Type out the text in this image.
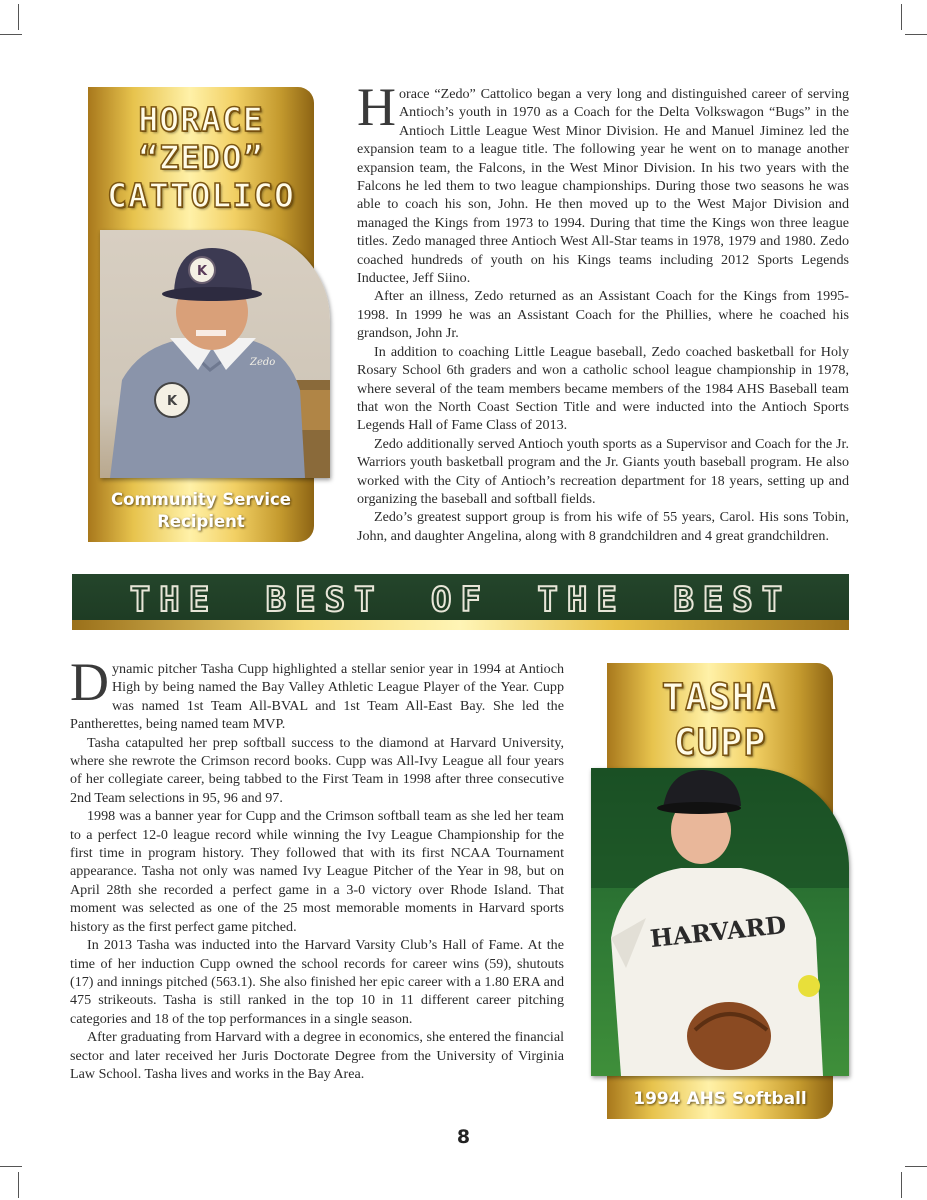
HORACE
“ZEDO”
CATTOLICO
Community Service
Recipient
K
K
Zedo

Horace “Zedo” Cattolico began a very long and distinguished career of serving Antioch’s youth in 1970 as a Coach for the Delta Volkswagon “Bugs” in the Antioch Little League West Minor Division. He and Manuel Jiminez led the expansion team to a league title. The following year he went on to manage another expansion team, the Falcons, in the West Minor Division. In his two years with the Falcons he led them to two league championships. During those two seasons he was able to coach his son, John. He then moved up to the West Major Division and managed the Kings from 1973 to 1994. During that time the Kings won three league titles. Zedo managed three Antioch West All-Star teams in 1978, 1979 and 1980. Zedo coached hundreds of youth on his Kings teams including 2012 Sports Legends Inductee, Jeff Siino.

After an illness, Zedo returned as an Assistant Coach for the Kings from 1995-1998. In 1999 he was an Assistant Coach for the Phillies, where he coached his grandson, John Jr.

In addition to coaching Little League baseball, Zedo coached basketball for Holy Rosary School 6th graders and won a catholic school league championship in 1978, where several of the team members became members of the 1984 AHS Baseball team that won the North Coast Section Title and were inducted into the Antioch Sports Legends Hall of Fame Class of 2013.

Zedo additionally served Antioch youth sports as a Supervisor and Coach for the Jr. Warriors youth basketball program and the Jr. Giants youth baseball program. He also worked with the City of Antioch’s recreation department for 18 years, setting up and organizing the baseball and softball fields.

Zedo’s greatest support group is from his wife of 55 years, Carol. His sons Tobin, John, and daughter Angelina, along with 8 grandchildren and 4 great grandchildren.

THE BEST OF THE BEST

Dynamic pitcher Tasha Cupp highlighted a stellar senior year in 1994 at Antioch High by being named the Bay Valley Athletic League Player of the Year. Cupp was named 1st Team All-BVAL and 1st Team All-East Bay. She led the Pantherettes, being named team MVP.

Tasha catapulted her prep softball success to the diamond at Harvard University, where she rewrote the Crimson record books. Cupp was All-Ivy League all four years of her collegiate career, being tabbed to the First Team in 1998 after three consecutive 2nd Team selections in 95, 96 and 97.

1998 was a banner year for Cupp and the Crimson softball team as she led her team to a perfect 12-0 league record while winning the Ivy League Championship for the first time in program history. They followed that with its first NCAA Tournament appearance. Tasha not only was named Ivy League Pitcher of the Year in 98, but on April 28th she recorded a perfect game in a 3-0 victory over Rhode Island. That moment was selected as one of the 25 most memorable moments in Harvard sports history as the first perfect game pitched.

In 2013 Tasha was inducted into the Harvard Varsity Club’s Hall of Fame. At the time of her induction Cupp owned the school records for career wins (59), shutouts (17) and innings pitched (563.1). She also finished her epic career with a 1.80 ERA and 475 strikeouts. Tasha is still ranked in the top 10 in 11 different career pitching categories and 18 of the top performances in a single season.

After graduating from Harvard with a degree in economics, she entered the financial sector and later received her Juris Doctorate Degree from the University of Virginia Law School. Tasha lives and works in the Bay Area.

TASHA
CUPP
1994 AHS Softball
HARVARD
8
